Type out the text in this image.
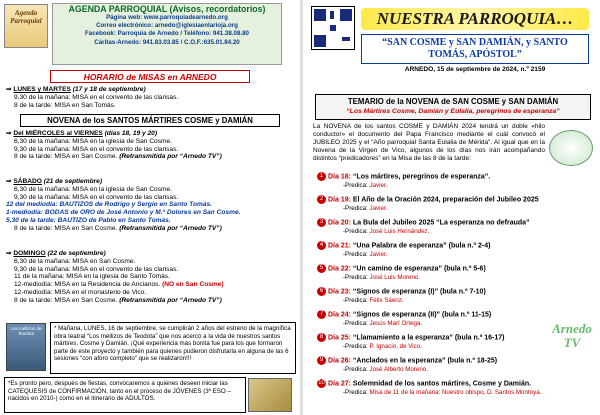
Agenda Parroquial
AGENDA PARROQUIAL (Avisos, recordatorios)
Página web: www.parroquiadearnedo.org
Correo electrónico: arnedo@iglesiaenlarioja.org
Facebook: Parroquia de Arnedo / Teléfono: 941.38.08.80
Cáritas-Arnedo: 941.83.03.85 / C.O.F.:635.01.84.20
HORARIO de MISAS en ARNEDO
⇒ LUNES y MARTES (17 y 18 de septiembre)
9,30 de la mañana: MISA en el convento de las clarisas.
8 de la tarde: MISA en San Tomás.
NOVENA de los SANTOS MÁRTIRES COSME y DAMIÁN
⇒ Del MIÉRCOLES al VIERNES (días 18, 19 y 20)
6,30 de la mañana: MISA en la iglesia de San Cosme.
9,30 de la mañana: MISA en el convento de las clarisas.
8 de la tarde: MISA en San Cosme. (Retransmitida por “Arnedo TV”)
⇒ SÁBADO (21 de septiembre)
6,30 de la mañana: MISA en la iglesia de San Cosme.
9,30 de la mañana: MISA en el convento de las clarisas.
12 del mediodía: BAUTIZOS de Rodrigo y Sergio en Santo Tomás.
1-mediodía: BODAS de ORO de José Antonio y M.ª Dolores en San Cosme.
5,30 de la tarde: BAUTIZO de Pablo en Santo Tomás.
8 de la tarde: MISA en San Cosme. (Retransmitida por “Arnedo TV”)
⇒ DOMINGO (22 de septiembre)
6,30 de la mañana: MISA en San Cosme.
9,30 de la mañana: MISA en el convento de las clarisas.
11 de la mañana: MISA en la iglesia de Santo Tomás.
12-mediodía: MISA en la Residencia de Ancianos. (NO en San Cosme)
12-mediodía: MISA en el monasterio de Vico.
8 de la tarde: MISA en San Cosme. (Retransmitida por “Arnedo TV”)
Los mellizos de Teodota
* Mañana, LUNES, 16 de septiembre, se cumplirán 2 años del estreno de la magnífica obra teatral “Los mellizos de Teodota” que nos acercó a la vida de nuestros santos mártires, Cosme y Damián. ¡Qué experiencia más bonita fue para los que formaron parte de este proyecto y también para quienes pudieron disfrutarla en alguna de las 6 sesiones “con aforo completo” que se realizaron!!!
*Es pronto pero, después de fiestas, convocaremos a quienes deseen iniciar las CATEQUESIS de CONFIRMACIÓN, tanto en el proceso de JÓVENES (3º ESO –nacidos en 2010-) como en el itinerario de ADULTOS.
NUESTRA PARROQUIA…
“SAN COSME y SAN DAMIÁN, y SANTO TOMÁS, APÓSTOL”
ARNEDO, 15 de septiembre de 2024, n.º 2159
TEMARIO de la NOVENA de SAN COSME y SAN DAMIÁN
“Los Mártires Cosme, Damián y Eulalia, peregrinos de esperanza”
La NOVENA de los santos COSME y DAMIÁN 2024 tendrá un doble «hilo conductor» el documento del Papa Francisco mediante el cuál convocó el JUBILEO 2025 y el “Año parroquial Santa Eulalia de Mérida”. Al igual que en la Novena de la Virgen de Vico, algunos de los días nos irán acompañando distintos “predicadores” en la Misa de las 8 de la tarde:
1 Día 18: “Los mártires, peregrinos de esperanza”.
-Predica: Javier.
2 Día 19: El Año de la Oración 2024, preparación del Jubileo 2025
-Predica: Javier.
3 Día 20: La Bula del Jubileo 2025 “La esperanza no defrauda”
-Predica: José Luis Hernández.
4 Día 21: “Una Palabra de esperanza” (bula n.º 2-4)
-Predica: Javier.
5 Día 22: “Un camino de esperanza” (bula n.º 5-6)
-Predica: José Luis Moreno.
6 Día 23: “Signos de esperanza (I)” (bula n.º 7-10)
-Predica: Félix Sáenz.
7 Día 24: “Signos de esperanza (II)” (bula n.º 11-15)
-Predica: Jesús Marí Ortega.
8 Día 25: “Llamamiento a la esperanza” (bula n.º 16-17)
-Predica: P. Ignacio, de Vico.
9 Día 26: “Anclados en la esperanza” (bula n.º 18-25)
-Predica: José Alberto Moreno.
10 Día 27: Solemnidad de los santos mártires, Cosme y Damián.
-Predica: Misa de 11 de la mañana: Nuestro obispo, D. Santos Montoya.
Arnedo TV
